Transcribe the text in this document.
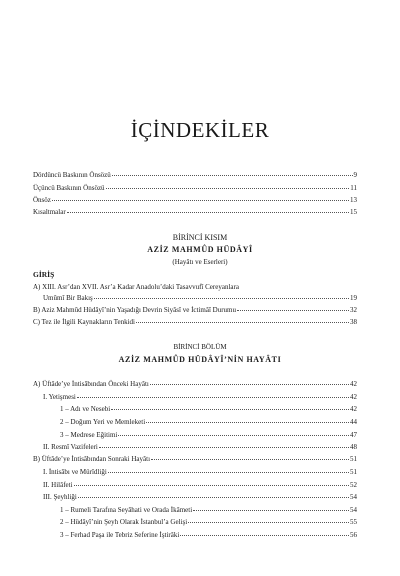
İÇİNDEKİLER
Dördüncü Baskının Önsözü	9
Üçüncü Baskının Önsözü	11
Önsöz	13
Kısaltmalar	15
BİRİNCİ KISIM
AZİZ MAHMÛD HÜDÂYÎ
(Hayâtı ve Eserleri)
GİRİŞ
A) XIII. Asr’dan XVII. Asr’a Kadar Anadolu’daki Tasavvufî Cereyanlara
Umûmî Bir Bakış	19
B) Aziz Mahmûd Hüdâyî’nin Yaşadığı Devrin Siyâsî ve İctimâî Durumu	32
C) Tez ile İlgili Kaynakların Tenkidi	38
BİRİNCİ BÖLÜM
AZİZ MAHMÛD HÜDÂYÎ’NİN HAYÂTI
A) Üftâde’ye İntisâbından Önceki Hayâtı	42
I. Yetişmesi	42
1 – Adı ve Nesebi	42
2 – Doğum Yeri ve Memleketi	44
3 – Medrese Eğitimi	47
II. Resmî Vazifeleri	48
B) Üftâde’ye İntisâbından Sonraki Hayâtı	51
I. İntisâbı ve Mürîdliği	51
II. Hilâfeti	52
III. Şeyhliği	54
1 – Rumeli Tarafına Seyâhati ve Orada İkâmeti	54
2 – Hüdâyî’nin Şeyh Olarak İstanbul’a Gelişi	55
3 – Ferhad Paşa ile Tebriz Seferine İştirâki	56
